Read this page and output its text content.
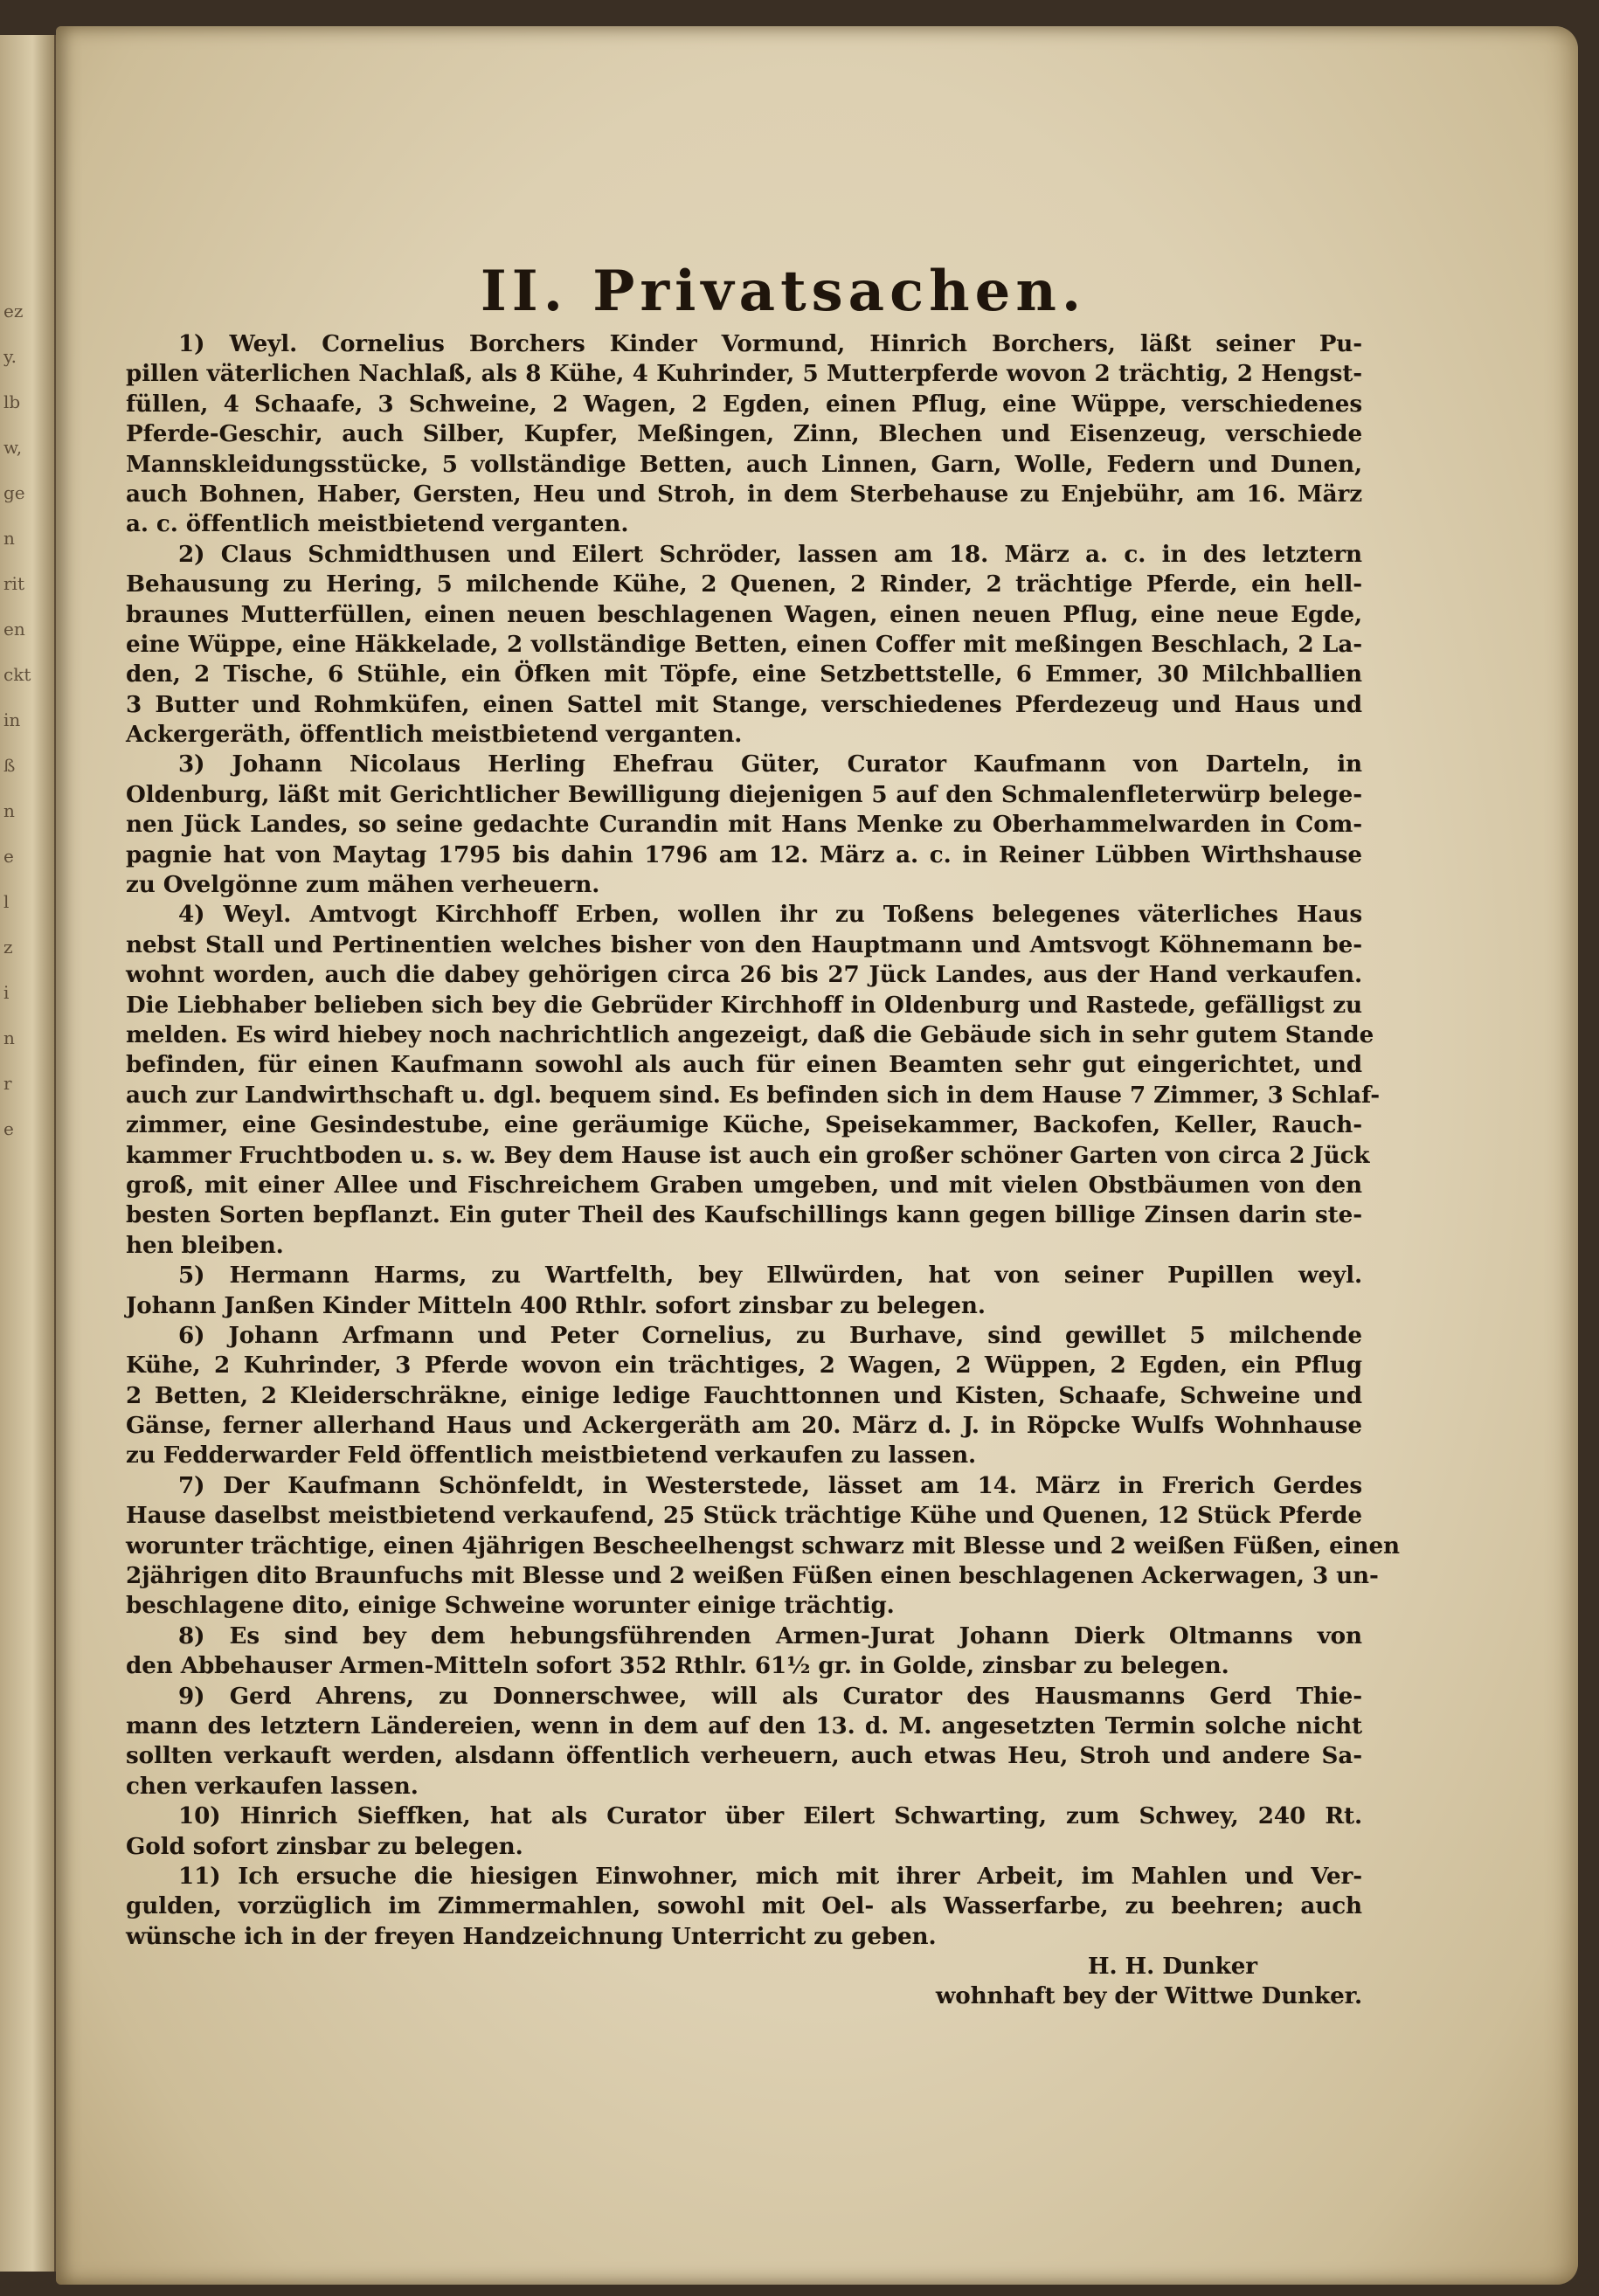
ez
y.
lb
w,
ge
n
rit
en
ckt
in
ß
n
e
l
z
i
n
r
e
II. Privatsachen.
1) Weyl. Cornelius Borchers Kinder Vormund, Hinrich Borchers, läßt seiner Pu-
pillen väterlichen Nachlaß, als 8 Kühe, 4 Kuhrinder, 5 Mutterpferde wovon 2 trächtig, 2 Hengst-
füllen, 4 Schaafe, 3 Schweine, 2 Wagen, 2 Egden, einen Pflug, eine Wüppe, verschiedenes
Pferde-Geschir, auch Silber, Kupfer, Meßingen, Zinn, Blechen und Eisenzeug, verschiede
Mannskleidungsstücke, 5 vollständige Betten, auch Linnen, Garn, Wolle, Federn und Dunen,
auch Bohnen, Haber, Gersten, Heu und Stroh, in dem Sterbehause zu Enjebühr, am 16. März
a. c. öffentlich meistbietend verganten.
2) Claus Schmidthusen und Eilert Schröder, lassen am 18. März a. c. in des letztern
Behausung zu Hering, 5 milchende Kühe, 2 Quenen, 2 Rinder, 2 trächtige Pferde, ein hell-
braunes Mutterfüllen, einen neuen beschlagenen Wagen, einen neuen Pflug, eine neue Egde,
eine Wüppe, eine Häkkelade, 2 vollständige Betten, einen Coffer mit meßingen Beschlach, 2 La-
den, 2 Tische, 6 Stühle, ein Öfken mit Töpfe, eine Setzbettstelle, 6 Emmer, 30 Milchballien
3 Butter und Rohmküfen, einen Sattel mit Stange, verschiedenes Pferdezeug und Haus und
Ackergeräth, öffentlich meistbietend verganten.
3) Johann Nicolaus Herling Ehefrau Güter, Curator Kaufmann von Darteln, in
Oldenburg, läßt mit Gerichtlicher Bewilligung diejenigen 5 auf den Schmalenfleterwürp belege-
nen Jück Landes, so seine gedachte Curandin mit Hans Menke zu Oberhammelwarden in Com-
pagnie hat von Maytag 1795 bis dahin 1796 am 12. März a. c. in Reiner Lübben Wirthshause
zu Ovelgönne zum mähen verheuern.
4) Weyl. Amtvogt Kirchhoff Erben, wollen ihr zu Toßens belegenes väterliches Haus
nebst Stall und Pertinentien welches bisher von den Hauptmann und Amtsvogt Köhnemann be-
wohnt worden, auch die dabey gehörigen circa 26 bis 27 Jück Landes, aus der Hand verkaufen.
Die Liebhaber belieben sich bey die Gebrüder Kirchhoff in Oldenburg und Rastede, gefälligst zu
melden. Es wird hiebey noch nachrichtlich angezeigt, daß die Gebäude sich in sehr gutem Stande
befinden, für einen Kaufmann sowohl als auch für einen Beamten sehr gut eingerichtet, und
auch zur Landwirthschaft u. dgl. bequem sind. Es befinden sich in dem Hause 7 Zimmer, 3 Schlaf-
zimmer, eine Gesindestube, eine geräumige Küche, Speisekammer, Backofen, Keller, Rauch-
kammer Fruchtboden u. s. w. Bey dem Hause ist auch ein großer schöner Garten von circa 2 Jück
groß, mit einer Allee und Fischreichem Graben umgeben, und mit vielen Obstbäumen von den
besten Sorten bepflanzt. Ein guter Theil des Kaufschillings kann gegen billige Zinsen darin ste-
hen bleiben.
5) Hermann Harms, zu Wartfelth, bey Ellwürden, hat von seiner Pupillen weyl.
Johann Janßen Kinder Mitteln 400 Rthlr. sofort zinsbar zu belegen.
6) Johann Arfmann und Peter Cornelius, zu Burhave, sind gewillet 5 milchende
Kühe, 2 Kuhrinder, 3 Pferde wovon ein trächtiges, 2 Wagen, 2 Wüppen, 2 Egden, ein Pflug
2 Betten, 2 Kleiderschräkne, einige ledige Fauchttonnen und Kisten, Schaafe, Schweine und
Gänse, ferner allerhand Haus und Ackergeräth am 20. März d. J. in Röpcke Wulfs Wohnhause
zu Fedderwarder Feld öffentlich meistbietend verkaufen zu lassen.
7) Der Kaufmann Schönfeldt, in Westerstede, lässet am 14. März in Frerich Gerdes
Hause daselbst meistbietend verkaufend, 25 Stück trächtige Kühe und Quenen, 12 Stück Pferde
worunter trächtige, einen 4jährigen Bescheelhengst schwarz mit Blesse und 2 weißen Füßen, einen
2jährigen dito Braunfuchs mit Blesse und 2 weißen Füßen einen beschlagenen Ackerwagen, 3 un-
beschlagene dito, einige Schweine worunter einige trächtig.
8) Es sind bey dem hebungsführenden Armen-Jurat Johann Dierk Oltmanns von
den Abbehauser Armen-Mitteln sofort 352 Rthlr. 61½ gr. in Golde, zinsbar zu belegen.
9) Gerd Ahrens, zu Donnerschwee, will als Curator des Hausmanns Gerd Thie-
mann des letztern Ländereien, wenn in dem auf den 13. d. M. angesetzten Termin solche nicht
sollten verkauft werden, alsdann öffentlich verheuern, auch etwas Heu, Stroh und andere Sa-
chen verkaufen lassen.
10) Hinrich Sieffken, hat als Curator über Eilert Schwarting, zum Schwey, 240 Rt.
Gold sofort zinsbar zu belegen.
11) Ich ersuche die hiesigen Einwohner, mich mit ihrer Arbeit, im Mahlen und Ver-
gulden, vorzüglich im Zimmermahlen, sowohl mit Oel- als Wasserfarbe, zu beehren; auch
wünsche ich in der freyen Handzeichnung Unterricht zu geben.
H. H. Dunker
wohnhaft bey der Wittwe Dunker.
